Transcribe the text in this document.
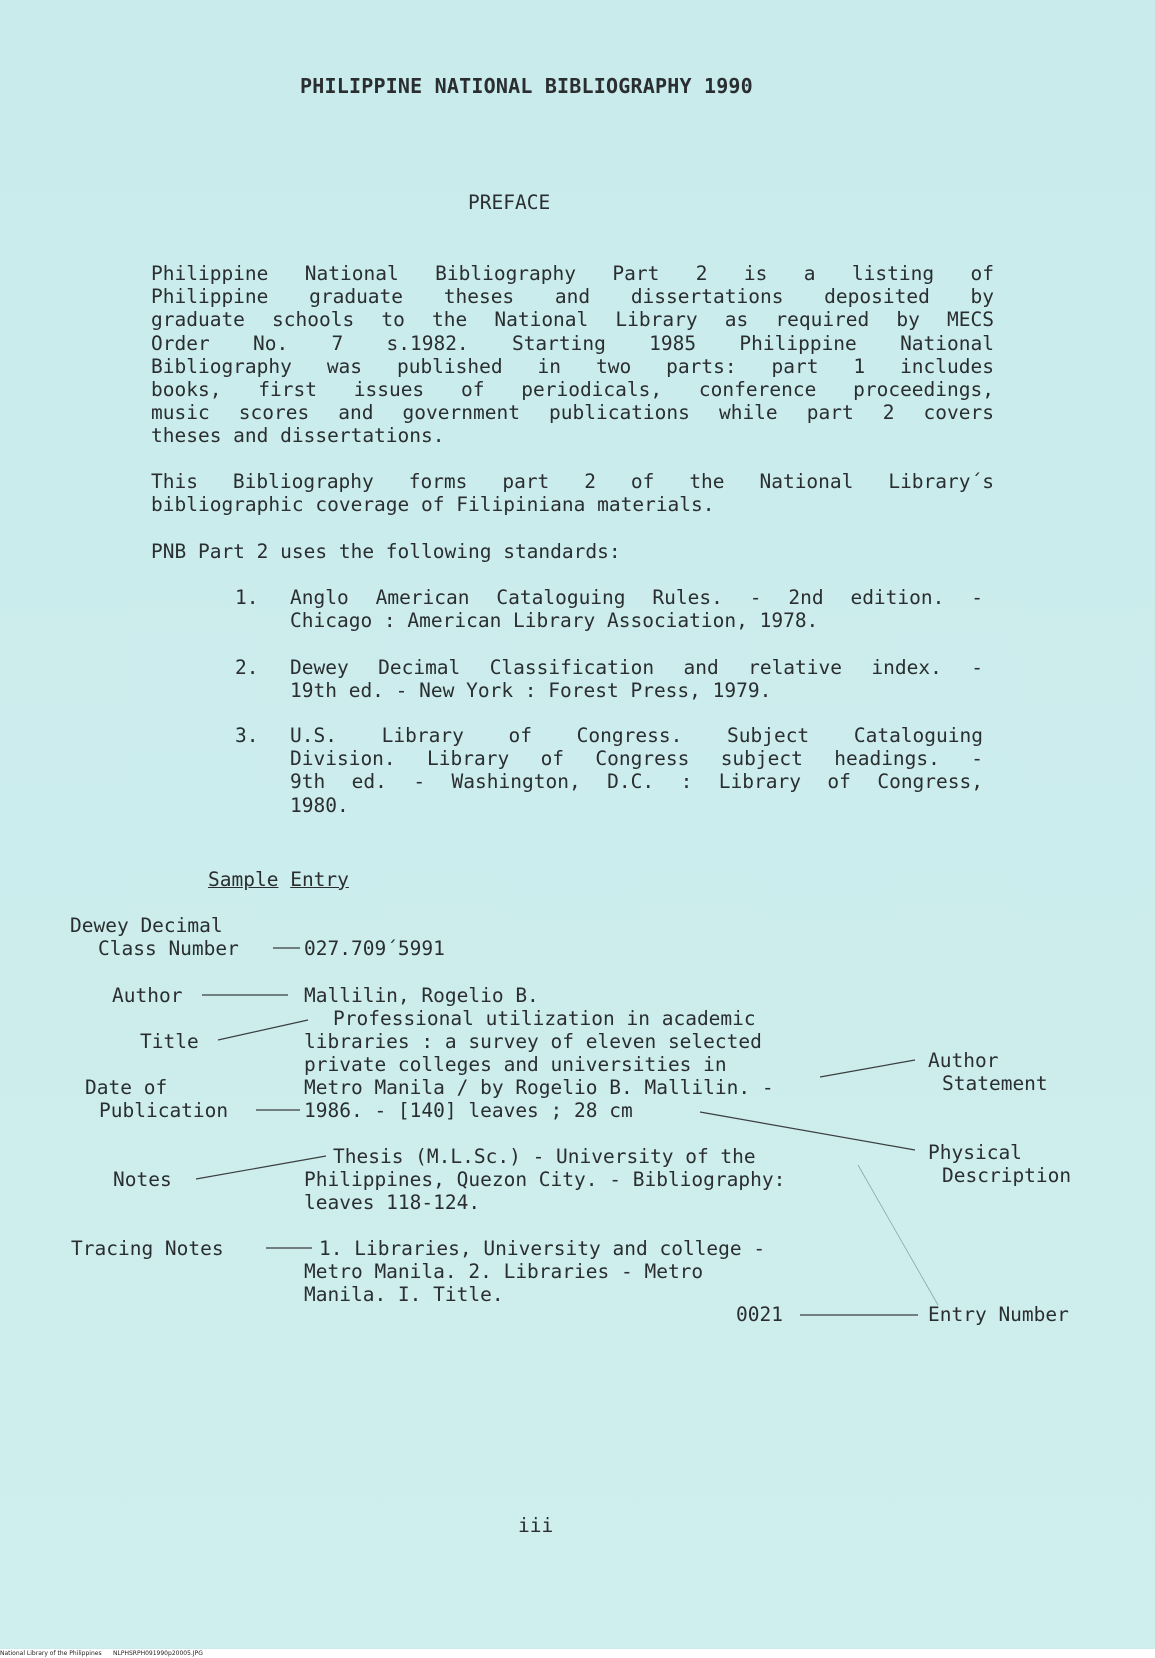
PHILIPPINE NATIONAL BIBLIOGRAPHY 1990
PREFACE
Philippine National Bibliography Part 2 is a listing of
Philippine graduate theses and dissertations deposited by
graduate schools to the National Library as required by MECS
Order No. 7 s.1982. Starting 1985 Philippine National
Bibliography was published in two parts: part 1 includes
books, first issues of periodicals, conference proceedings,
music scores and government publications while part 2 covers
theses and dissertations.
This Bibliography forms part 2 of the National Library´s
bibliographic coverage of Filipiniana materials.
PNB Part 2 uses the following standards:
1. Anglo American Cataloguing Rules. - 2nd edition. -
Chicago : American Library Association, 1978.
2. Dewey Decimal Classification and relative index. -
19th ed. - New York : Forest Press, 1979.
3. U.S. Library of Congress. Subject Cataloguing
Division. Library of Congress subject headings. -
9th ed. - Washington, D.C. : Library of Congress,
1980.
Sample Entry
Dewey Decimal
Class Number
Author
Title
Date of
Publication
Notes
Tracing Notes
Author
Statement
Physical
Description
Entry Number
027.709´5991
Mallilin, Rogelio B.
Professional utilization in academic
libraries : a survey of eleven selected
private colleges and universities in
Metro Manila / by Rogelio B. Mallilin. -
1986. - [140] leaves ; 28 cm
Thesis (M.L.Sc.) - University of the
Philippines, Quezon City. - Bibliography:
leaves 118-124.
1. Libraries, University and college -
Metro Manila. 2. Libraries - Metro
Manila. I. Title.
0021
iii
National Library of the Philippines NLPHSRPH091990p20005.JPG
